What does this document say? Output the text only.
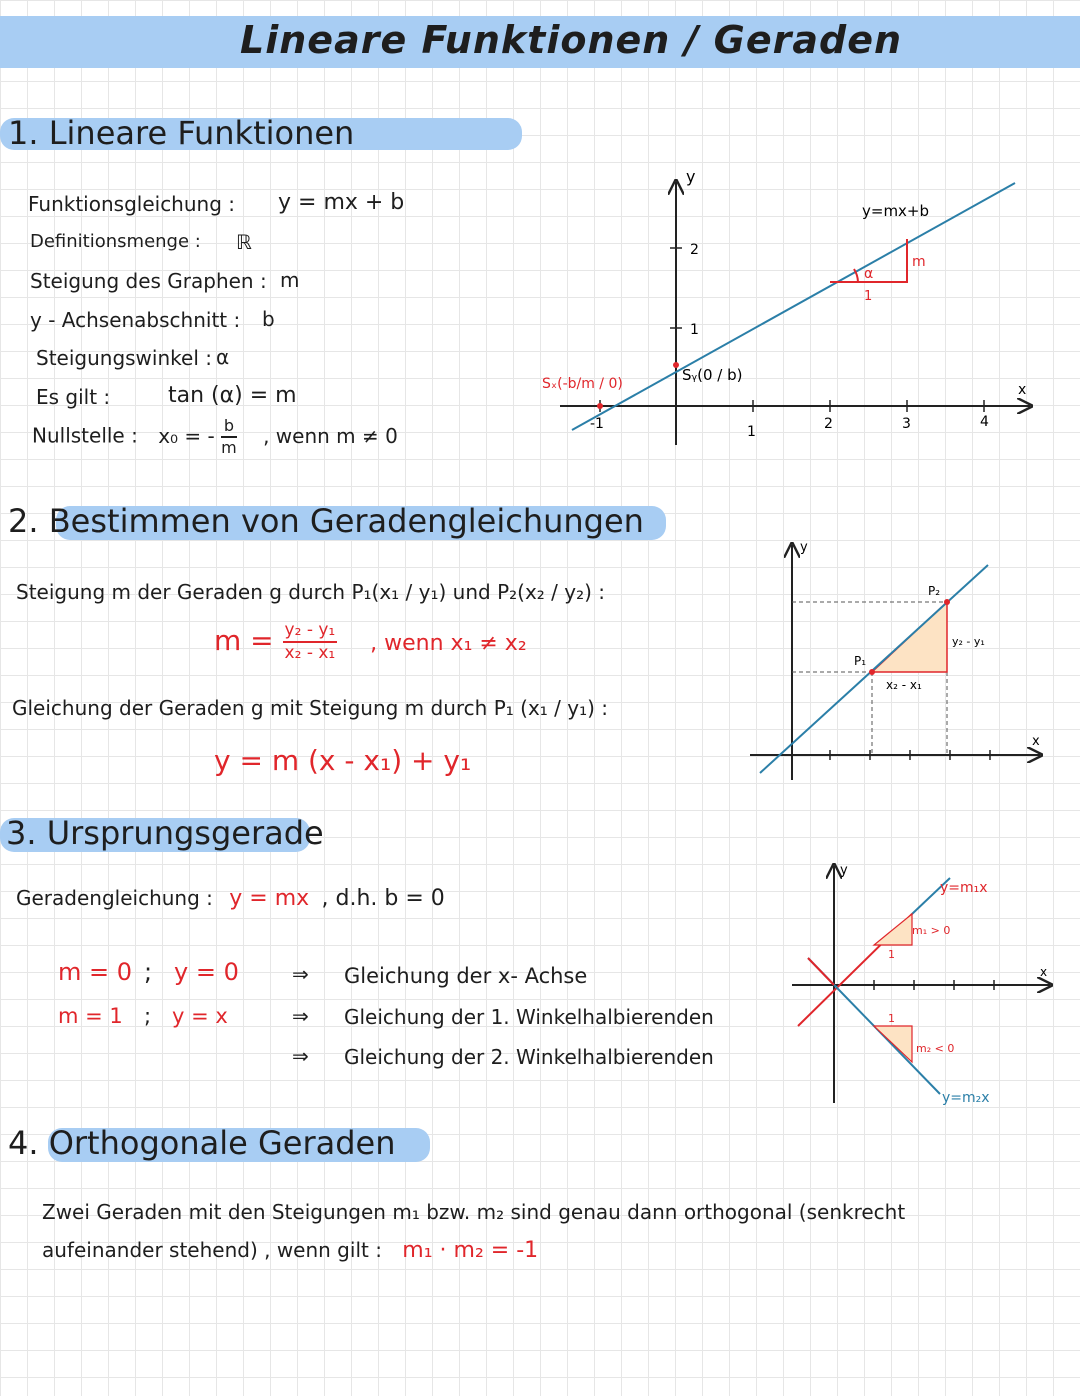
Lineare Funktionen / Geraden
1. Lineare Funktionen
Funktionsgleichung : y = mx + b
Definitionsmenge : ℝ
Steigung des Graphen : m
y - Achsenabschnitt : b
Steigungswinkel : α
Es gilt :	tan (α) = m
Nullstelle : x₀ = - $\frac{b}{m}$ , wenn m ≠ 0
y
x
-1	1	2	3	4
1
2
α
1
m
y=mx+b
Sᵧ(0 / b)
Sₓ(-b/m / 0)
2. Bestimmen von Geradengleichungen
Steigung m der Geraden g durch P₁(x₁ / y₁) und P₂(x₂ / y₂) :
$m = \frac{\text{y₂ - y₁}}{\text{x₂ - x₁}}$ , wenn x₁ ≠ x₂
Gleichung der Geraden g mit Steigung m durch P₁ (x₁ / y₁) :
y = m (x - x₁) + y₁
y
x
P₁
P₂
x₂ - x₁
y₂ - y₁
3. Ursprungsgerade
Geradengleichung : y = mx , d.h. b = 0
m = 0 y = 0
;	⇒ Gleichung der x- Achse
m = 1 y = x
;	⇒ Gleichung der 1. Winkelhalbierenden
⇒ Gleichung der 2. Winkelhalbierenden
y
x
1
1
y=m₁x
m₁ > 0
m₂ < 0
y=m₂x
4. Orthogonale Geraden
Zwei Geraden mit den Steigungen m₁ bzw. m₂ sind genau dann orthogonal (senkrecht
aufeinander stehend) , wenn gilt : m₁ · m₂ = -1
